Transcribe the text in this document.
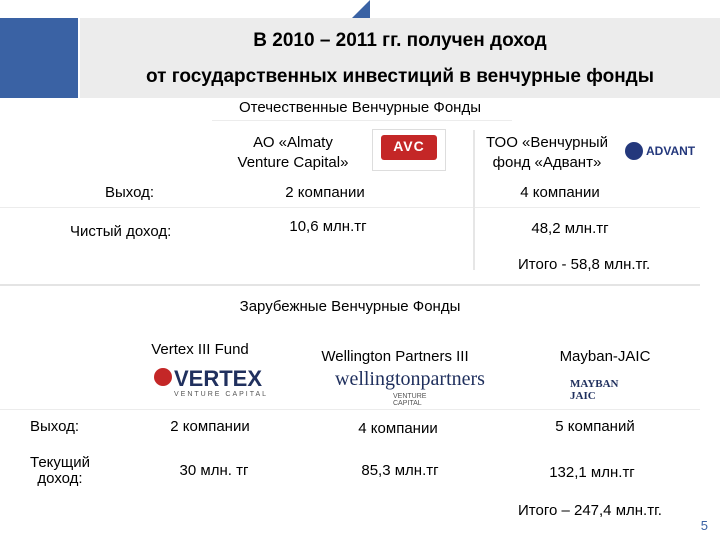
В 2010 – 2011 гг. получен доход
от государственных инвестиций в венчурные фонды
Отечественные Венчурные Фонды
АО «Almaty
Venture Capital»
AVC	ТОО «Венчурный
фонд «Адвант»
ADVANT
Выход:	2 компании	4 компании
Чистый доход:	10,6 млн.тг	48,2 млн.тг
Итого - 58,8 млн.тг.
Зарубежные Венчурные Фонды
Vertex III Fund
VERTEX
VENTURE CAPITAL
Wellington Partners III
wellingtonpartners
VENTURE CAPITAL
Mayban-JAIC
MAYBAN JAIC
Выход:	2 компании	4 компании	5 компаний
Текущий
доход:	30 млн. тг	85,3 млн.тг	132,1 млн.тг
Итого – 247,4 млн.тг.
5
